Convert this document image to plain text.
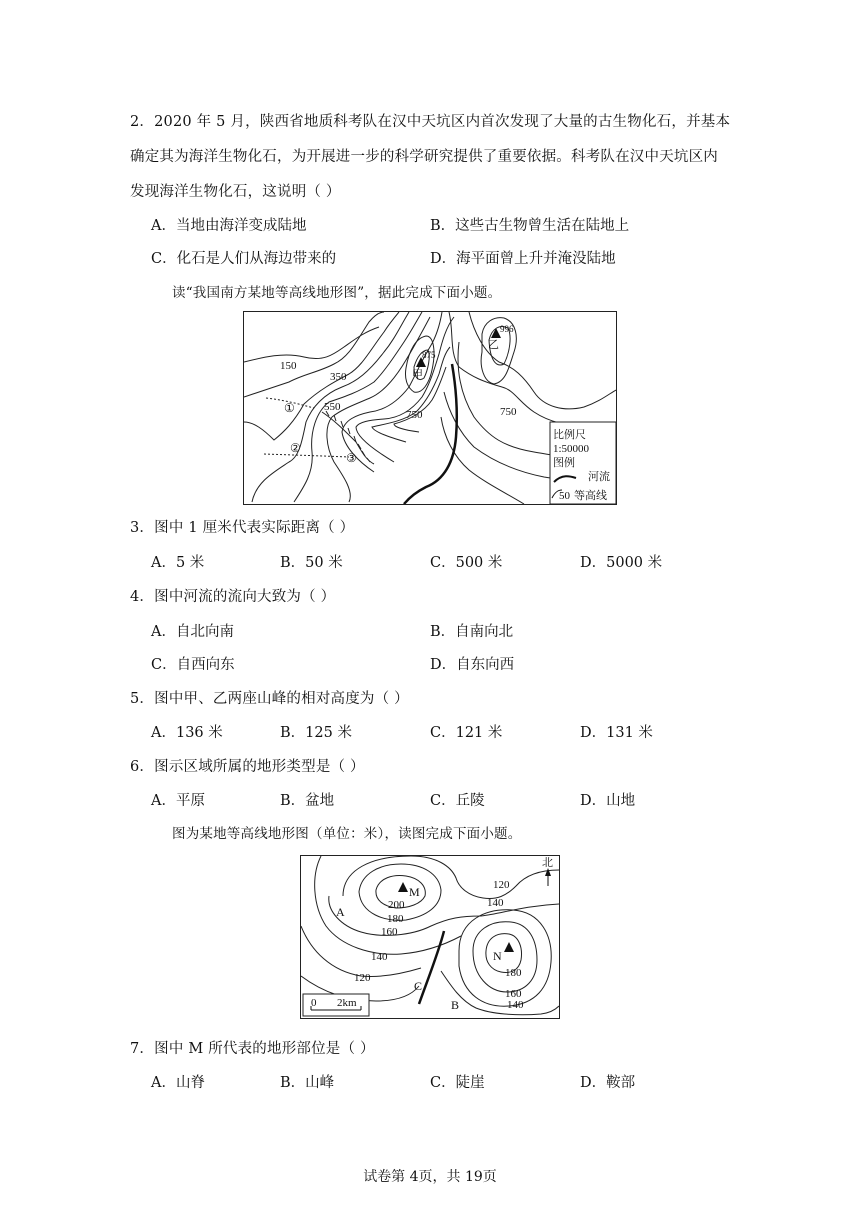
2．2020 年 5 月，陕西省地质科考队在汉中天坑区内首次发现了大量的古生物化石，并基本
确定其为海洋生物化石，为开展进一步的科学研究提供了重要依据。科考队在汉中天坑区内
发现海洋生物化石，这说明（ ）
A．当地由海洋变成陆地	B．这些古生物曾生活在陆地上
C．化石是人们从海边带来的	D．海平面曾上升并淹没陆地
读“我国南方某地等高线地形图”，据此完成下面小题。
150
350
550
750	750
875
996
甲
乙
①
②
③
比例尺
1:50000
图例
河流
50 等高线
3．图中 1 厘米代表实际距离（ ）
A．5 米	B．50 米	C．500 米	D．5000 米
4．图中河流的流向大致为（ ）
A．自北向南	B．自南向北
C．自西向东	D．自东向西
5．图中甲、乙两座山峰的相对高度为（ ）
A．136 米	B．125 米	C．121 米	D．131 米
6．图示区域所属的地形类型是（ ）
A．平原	B．盆地	C．丘陵	D．山地
图为某地等高线地形图（单位：米），读图完成下面小题。
北
120
140
200
180
160
140
120	180
160
140
M
N
A
B
C
0 2km
7．图中 M 所代表的地形部位是（ ）
A．山脊	B．山峰	C．陡崖	D．鞍部
试卷第 4页，共 19页
